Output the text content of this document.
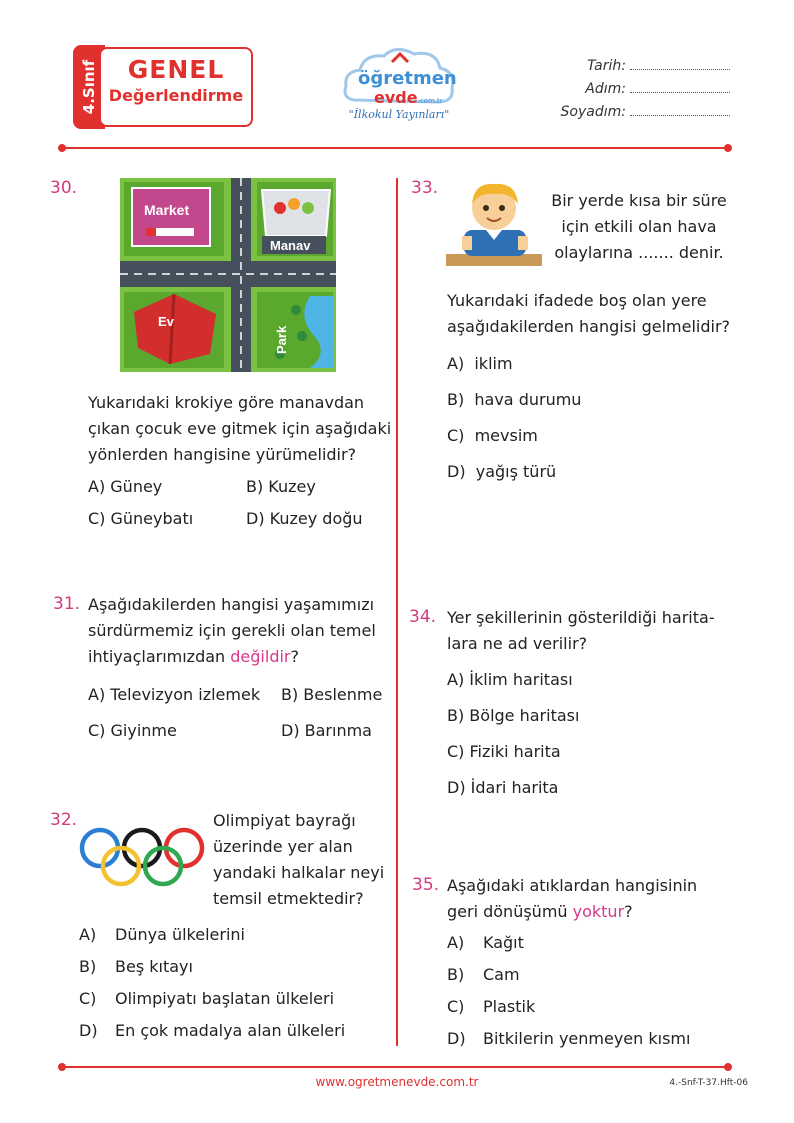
4.Sınıf	GENEL
Değerlendirme
öğretmen
evde.com.tr
"İlkokul Yayınları"
Tarih:
Adım:
Soyadım:
30.
Market
Manav
Ev
Park
Yukarıdaki krokiye göre manavdan
çıkan çocuk eve gitmek için aşağıdaki
yönlerden hangisine yürümelidir?
A) Güney	B) Kuzey
C) Güneybatı	D) Kuzey doğu
31. Aşağıdakilerden hangisi yaşamımızı
sürdürmemiz için gerekli olan temel
ihtiyaçlarımızdan değildir?
A) Televizyon izlemek B) Beslenme
C) Giyinme	D) Barınma
32.	Olimpiyat bayrağı
üzerinde yer alan
yandaki halkalar neyi
temsil etmektedir?
A) Dünya ülkelerini
B) Beş kıtayı
C) Olimpiyatı başlatan ülkeleri
D) En çok madalya alan ülkeleri
33.
Bir yerde kısa bir süre
için etkili olan hava
olaylarına ....... denir.
Yukarıdaki ifadede boş olan yere
aşağıdakilerden hangisi gelmelidir?
A)  iklim
B)  hava durumu
C)  mevsim
D)  yağış türü
34. Yer şekillerinin gösterildiği harita-
lara ne ad verilir?
A) İklim haritası
B) Bölge haritası
C) Fiziki harita
D) İdari harita
35. Aşağıdaki atıklardan hangisinin
geri dönüşümü yoktur?
A) Kağıt
B) Cam
C) Plastik
D) Bitkilerin yenmeyen kısmı
www.ogretmenevde.com.tr	4.-Snf-T-37.Hft-06
